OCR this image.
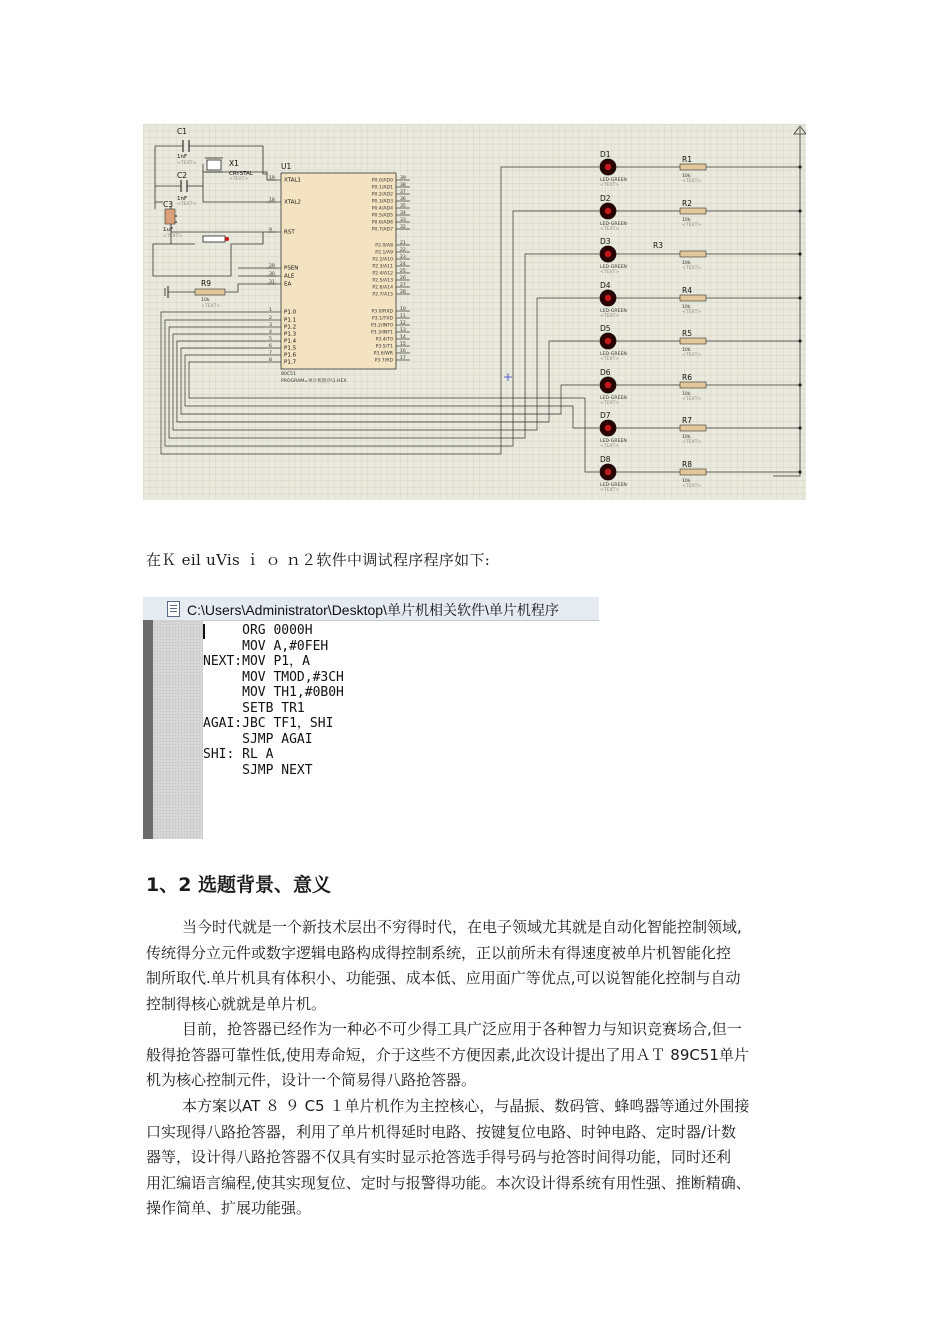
19 XTAL1
18 XTAL2
9 RST
29 PSEN
30 ALE
31 EA
1 P1.0
2 P1.1
3 P1.2
4 P1.3
5 P1.4
6 P1.5
7 P1.6
8 P1.7
39
P0.0/AD0
38
P0.1/AD1
37
P0.2/AD2
36
P0.3/AD3
35
P0.4/AD4
34
P0.5/AD5
33
P0.6/AD6
32
P0.7/AD7
21
P2.0/A8
22
P2.1/A9
23
P2.2/A10
24
P2.3/A11
25
P2.4/A12
26
P2.5/A13
27
P2.6/A14
28
P2.7/A15
10
P3.0/RXD
11
P3.1/TXD
12
P3.2/INT0
13
P3.3/INT1
14
P3.4/T0
15
P3.5/T1
16
P3.6/WR
17
P3.7/RD
D1
LED-GREEN
<TEXT>
R1
10k
<TEXT>
D2
LED-GREEN
<TEXT>
R2
10k
<TEXT>
D3
LED-GREEN
<TEXT>
R3
10k
<TEXT>
D4
LED-GREEN
<TEXT>
R4
10k
<TEXT>
D5
LED-GREEN
<TEXT>
R5
10k
<TEXT>
D6
LED-GREEN
<TEXT>
R6
10k
<TEXT>
D7
LED-GREEN
<TEXT>
R7
10k
<TEXT>
D8
LED-GREEN
<TEXT>
R8
10k
<TEXT>
C1
1nF
C2
1nF
C3
1uF
X1
CRYSTAL
U1
R9
10k
80C51
PROGRAM=单片机程序\1.HEX
<TEXT>
<TEXT>
<TEXT>
<TEXT>
<TEXT>
在Ｋ eil uVis ｉ ｏ ｎ２软件中调试程序程序如下:
C:\Users\Administrator\Desktop\单片机相关软件\单片机程序
ORG 0000H
MOV A,#0FEH
NEXT:MOV P1，A
MOV TMOD,#3CH
MOV TH1,#0B0H
SETB TR1
AGAI:JBC TF1，SHI
SJMP AGAI
SHI: RL A
SJMP NEXT
1、2 选题背景、意义
当今时代就是一个新技术层出不穷得时代，在电子领域尤其就是自动化智能控制领域,
传统得分立元件或数字逻辑电路构成得控制系统，正以前所未有得速度被单片机智能化控
制所取代.单片机具有体积小、功能强、成本低、应用面广等优点,可以说智能化控制与自动
控制得核心就就是单片机。
目前，抢答器已经作为一种必不可少得工具广泛应用于各种智力与知识竞赛场合,但一
般得抢答器可靠性低,使用寿命短，介于这些不方便因素,此次设计提出了用ＡＴ 89C51单片
机为核心控制元件，设计一个简易得八路抢答器。
本方案以AT ８ ９ C5 １单片机作为主控核心，与晶振、数码管、蜂鸣器等通过外围接
口实现得八路抢答器，利用了单片机得延时电路、按键复位电路、时钟电路、定时器/计数
器等，设计得八路抢答器不仅具有实时显示抢答选手得号码与抢答时间得功能，同时还利
用汇编语言编程,使其实现复位、定时与报警得功能。本次设计得系统有用性强、推断精确、
操作简单、扩展功能强。
